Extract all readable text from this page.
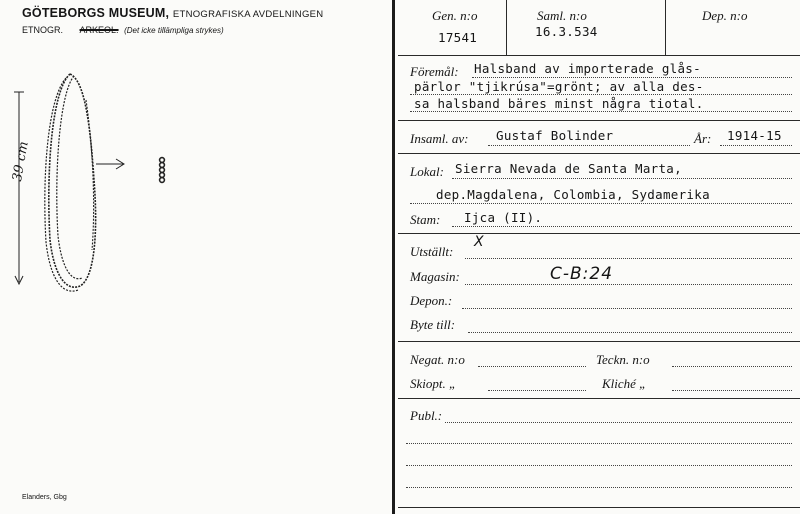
GÖTEBORGS MUSEUM, ETNOGRAFISKA AVDELNINGEN
ETNOGR. ARKEOL. (Det icke tillämpliga strykes)
39 cm
Elanders, Gbg
Gen. n:o
17541
Saml. n:o
16.3.534
Dep. n:o
Föremål: Halsband av importerade glås-
pärlor "tjikrúsa"=grönt; av alla des-
sa halsband bäres minst några tiotal.
Insaml. av: Gustaf Bolinder	År: 1914-15
Lokal: Sierra Nevada de Santa Marta,
dep.Magdalena, Colombia, Sydamerika
Stam: Ijca (II).
Utställt:
X
Magasin:	C-B:24
Depon.:
Byte till:
Negat. n:o	Teckn. n:o
Skiopt. „	Kliché „
Publ.:
